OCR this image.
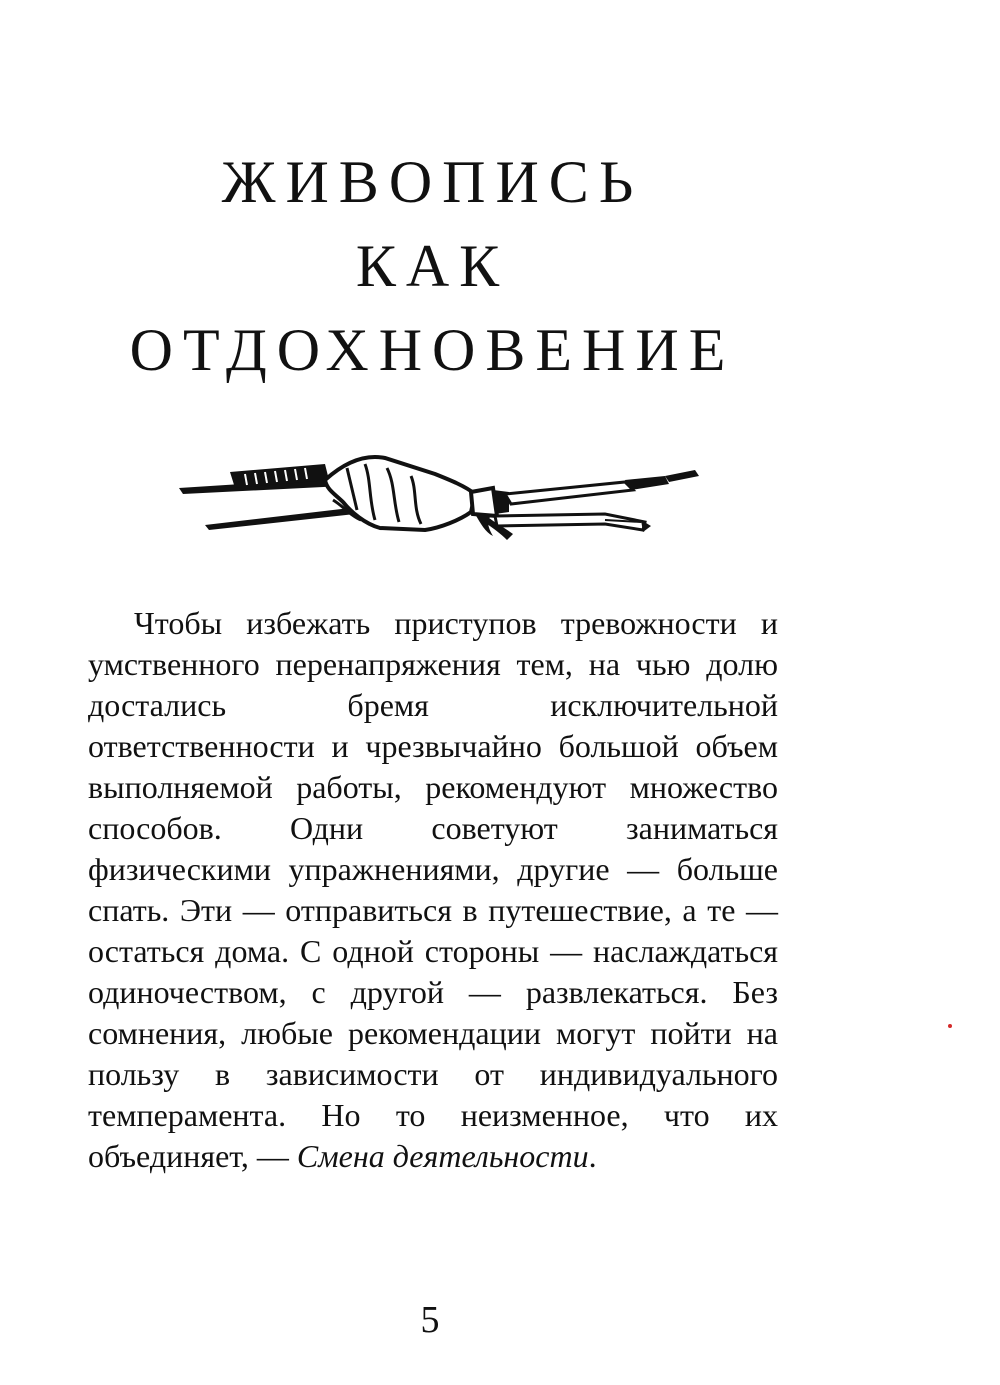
ЖИВОПИСЬ
КАК
ОТДОХНОВЕНИЕ

Чтобы избежать приступов тревожности и умственного перенапряжения тем, на чью долю достались бремя исключительной ответственности и чрезвычайно большой объем выполняемой работы, рекомендуют множество способов. Одни советуют заниматься физическими упражнениями, другие — больше спать. Эти — отправиться в путешествие, а те — остаться дома. С одной стороны — наслаждаться одиночеством, с другой — развлекаться. Без сомнения, любые рекомендации могут пойти на пользу в зависимости от индивидуального темперамента. Но то неизменное, что их объединяет, — Смена деятельности.

5
